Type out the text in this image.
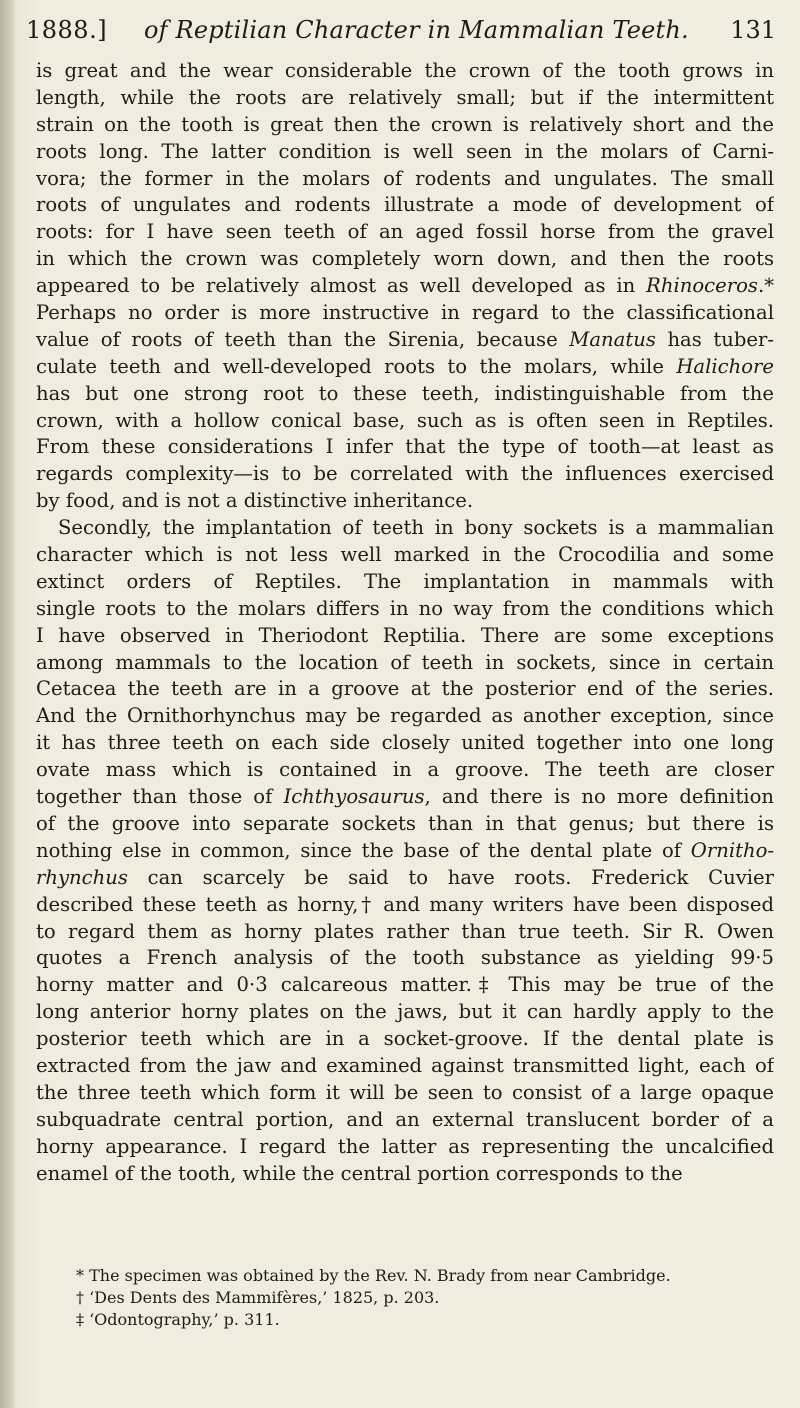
1888.] of Reptilian Character in Mammalian Teeth. 131
is great and the wear considerable the crown of the tooth grows in
length, while the roots are relatively small; but if the intermittent
strain on the tooth is great then the crown is relatively short and the
roots long. The latter condition is well seen in the molars of Carni-
vora; the former in the molars of rodents and ungulates. The small
roots of ungulates and rodents illustrate a mode of development of
roots: for I have seen teeth of an aged fossil horse from the gravel
in which the crown was completely worn down, and then the roots
appeared to be relatively almost as well developed as in Rhinoceros.*
Perhaps no order is more instructive in regard to the classificational
value of roots of teeth than the Sirenia, because Manatus has tuber-
culate teeth and well-developed roots to the molars, while Halichore
has but one strong root to these teeth, indistinguishable from the
crown, with a hollow conical base, such as is often seen in Reptiles.
From these considerations I infer that the type of tooth—at least as
regards complexity—is to be correlated with the influences exercised
by food, and is not a distinctive inheritance.
Secondly, the implantation of teeth in bony sockets is a mammalian
character which is not less well marked in the Crocodilia and some
extinct orders of Reptiles. The implantation in mammals with
single roots to the molars differs in no way from the conditions which
I have observed in Theriodont Reptilia. There are some exceptions
among mammals to the location of teeth in sockets, since in certain
Cetacea the teeth are in a groove at the posterior end of the series.
And the Ornithorhynchus may be regarded as another exception, since
it has three teeth on each side closely united together into one long
ovate mass which is contained in a groove. The teeth are closer
together than those of Ichthyosaurus, and there is no more definition
of the groove into separate sockets than in that genus; but there is
nothing else in common, since the base of the dental plate of Ornitho-
rhynchus can scarcely be said to have roots. Frederick Cuvier
described these teeth as horny,† and many writers have been disposed
to regard them as horny plates rather than true teeth. Sir R. Owen
quotes a French analysis of the tooth substance as yielding 99·5
horny matter and 0·3 calcareous matter.‡ This may be true of the
long anterior horny plates on the jaws, but it can hardly apply to the
posterior teeth which are in a socket-groove. If the dental plate is
extracted from the jaw and examined against transmitted light, each of
the three teeth which form it will be seen to consist of a large opaque
subquadrate central portion, and an external translucent border of a
horny appearance. I regard the latter as representing the uncalcified
enamel of the tooth, while the central portion corresponds to the
* The specimen was obtained by the Rev. N. Brady from near Cambridge.
† ‘Des Dents des Mammifères,’ 1825, p. 203.
‡ ‘Odontography,’ p. 311.
